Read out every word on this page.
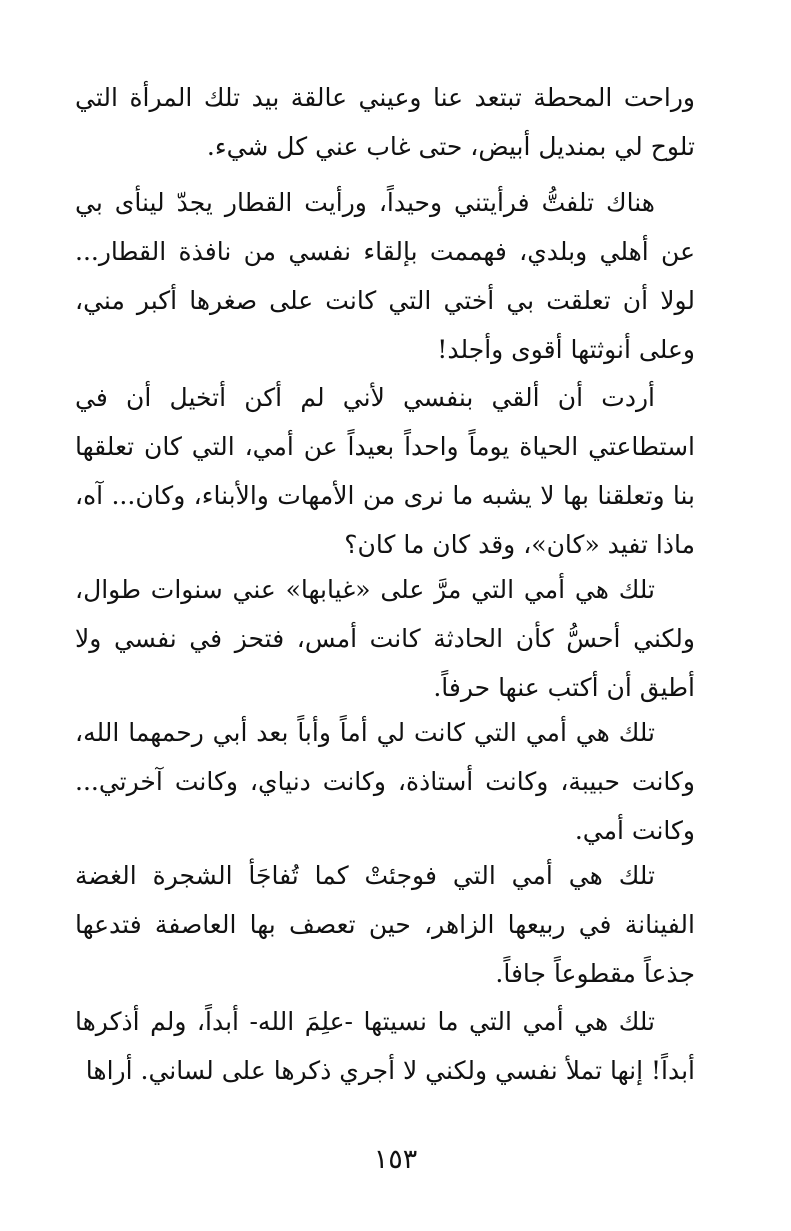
وراحت المحطة تبتعد عنا وعيني عالقة بيد تلك المرأة التي تلوح لي بمنديل أبيض، حتى غاب عني كل شيء.

هناك تلفتُّ فرأيتني وحيداً، ورأيت القطار يجدّ لينأى بي عن أهلي وبلدي، فهممت بإلقاء نفسي من نافذة القطار... لولا أن تعلقت بي أختي التي كانت على صغرها أكبر مني، وعلى أنوثتها أقوى وأجلد!

أردت أن ألقي بنفسي لأني لم أكن أتخيل أن في استطاعتي الحياة يوماً واحداً بعيداً عن أمي، التي كان تعلقها بنا وتعلقنا بها لا يشبه ما نرى من الأمهات والأبناء، وكان... آه، ماذا تفيد «كان»، وقد كان ما كان؟

تلك هي أمي التي مرَّ على «غيابها» عني سنوات طوال، ولكني أحسُّ كأن الحادثة كانت أمس، فتحز في نفسي ولا أطيق أن أكتب عنها حرفاً.

تلك هي أمي التي كانت لي أماً وأباً بعد أبي رحمهما الله، وكانت حبيبة، وكانت أستاذة، وكانت دنياي، وكانت آخرتي... وكانت أمي.

تلك هي أمي التي فوجئتْ كما تُفاجَأ الشجرة الغضة الفينانة في ربيعها الزاهر، حين تعصف بها العاصفة فتدعها جذعاً مقطوعاً جافاً.

تلك هي أمي التي ما نسيتها -علِمَ الله- أبداً، ولم أذكرها أبداً! إنها تملأ نفسي ولكني لا أجري ذكرها على لساني. أراها

١٥٣
